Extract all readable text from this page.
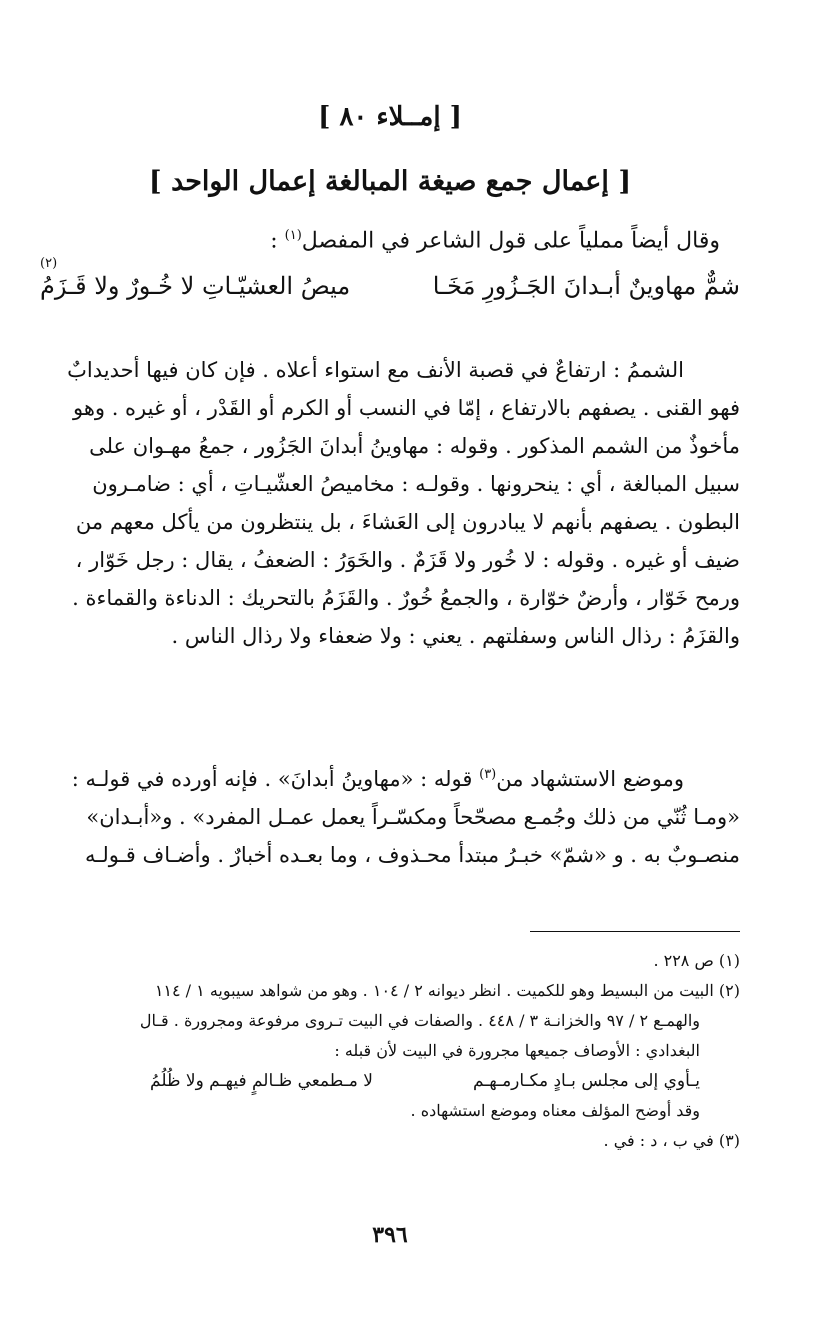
[ إمــلاء ٨٠ ]
[ إعمال جمع صيغة المبالغة إعمال الواحد ]
وقال أيضاً مملياً على قول الشاعر في المفصل$^{(١)}$ :
(٢)
شمٌّ مهاوينٌ أبـدانَ الجَـزُورِ مَخَـا
ميصُ العشيّـاتِ لا خُـورٌ ولا قَـزَمُ

الشممُ : ارتفاعٌ في قصبة الأنف مع استواء أعلاه . فإن كان فيها أحديدابٌ

فهو القنى . يصفهم بالارتفاع ، إمّا في النسب أو الكرم أو القَدْر ، أو غيره . وهو

مأخوذٌ من الشمم المذكور . وقوله : مهاوينُ أبدانَ الجَزُور ، جمعُ مهـوان على

سبيل المبالغة ، أي : ينحرونها . وقولـه : مخاميصُ العشّيـاتِ ، أي : ضامـرون

البطون . يصفهم بأنهم لا يبادرون إلى العَشاءَ ، بل ينتظرون من يأكل معهم من

ضيف أو غيره . وقوله : لا خُور ولا قَزَمٌ . والخَوَرُ : الضعفُ ، يقال : رجل خَوّار ،

ورمح خَوّار ، وأرضٌ خوّارة ، والجمعُ خُورٌ . والقَزَمُ بالتحريك : الدناءة والقماءة .

والقزَمُ : رذال الناس وسفلتهم . يعني : ولا ضعفاء ولا رذال الناس .

وموضع الاستشهاد من$^{(٣)}$ قوله : «مهاوينُ أبدانَ» . فإنه أورده في قولـه :

«ومـا ثُنّي من ذلك وجُمـع مصحّحاً ومكسّـراً يعمل عمـل المفرد» . و«أبـدان»

منصـوبٌ به . و «شمّ» خبـرُ مبتدأ محـذوف ، وما بعـده أخبارٌ . وأضـاف قـولـه

(١) ص ٢٢٨ .

(٢) البيت من البسيط وهو للكميت . انظر ديوانه ٢ / ١٠٤ . وهو من شواهد سيبويه ١ / ١١٤

والهمـع ٢ / ٩٧ والخزانـة ٣ / ٤٤٨ . والصفات في البيت تـروى مرفوعة ومجرورة . قـال

البغدادي : الأوصاف جميعها مجرورة في البيت لأن قبله :

يـأوي إلى مجلس بـادٍ مكـارمـهـم
لا مـطمعي ظـالمٍ فيهـم ولا ظُلُمُ

وقد أوضح المؤلف معناه وموضع استشهاده .

(٣) في ب ، د : في .

٣٩٦
